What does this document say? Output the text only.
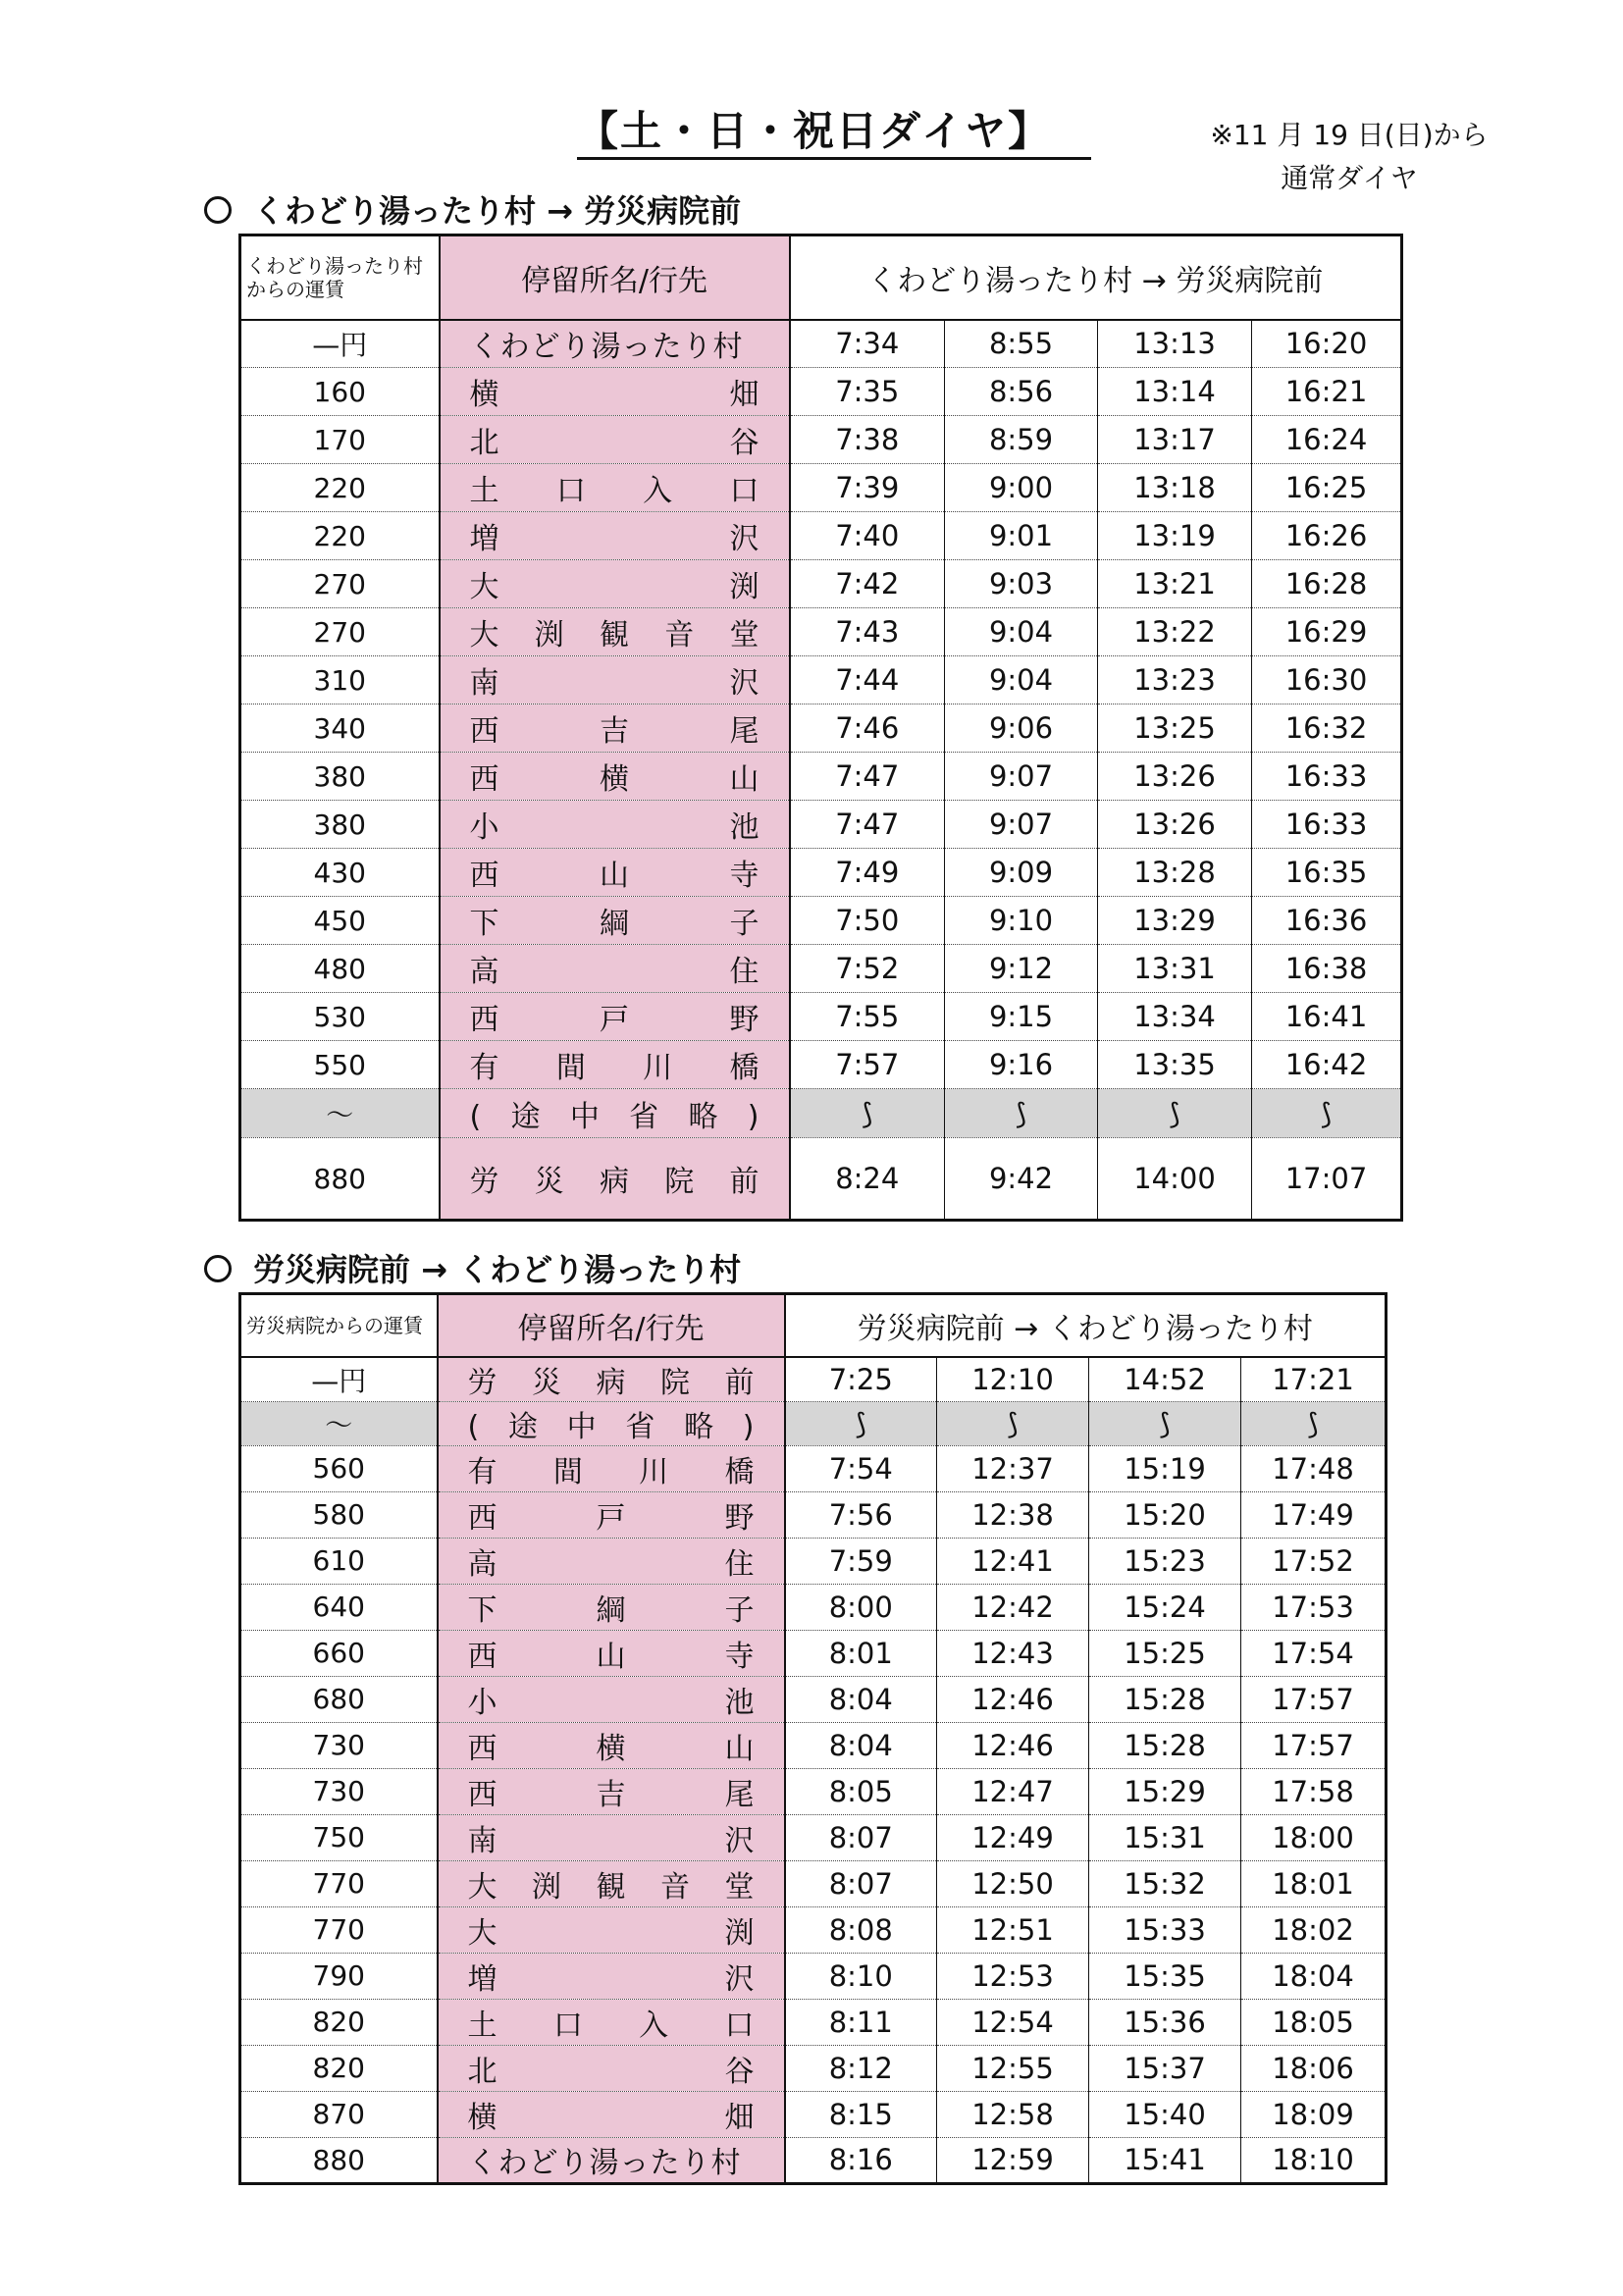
【土・日・祝日ダイヤ】	※11 月 19 日(日)から
通常ダイヤ
くわどり湯ったり村 → 労災病院前
くわどり湯ったり村からの運賃	停留所名/行先	くわどり湯ったり村 → 労災病院前			
—円	くわどり湯ったり村	7:34	8:55	13:13	16:20
160	横畑	7:35	8:56	13:14	16:21
170	北谷	7:38	8:59	13:17	16:24
220	土口入口	7:39	9:00	13:18	16:25
220	増沢	7:40	9:01	13:19	16:26
270	大渕	7:42	9:03	13:21	16:28
270	大渕観音堂	7:43	9:04	13:22	16:29
310	南沢	7:44	9:04	13:23	16:30
340	西吉尾	7:46	9:06	13:25	16:32
380	西横山	7:47	9:07	13:26	16:33
380	小池	7:47	9:07	13:26	16:33
430	西山寺	7:49	9:09	13:28	16:35
450	下綱子	7:50	9:10	13:29	16:36
480	高住	7:52	9:12	13:31	16:38
530	西戸野	7:55	9:15	13:34	16:41
550	有間川橋	7:57	9:16	13:35	16:42
～	(途中省略)	⟆	⟆	⟆	⟆
880	労災病院前	8:24	9:42	14:00	17:07
労災病院前 → くわどり湯ったり村
労災病院からの運賃	停留所名/行先	労災病院前 → くわどり湯ったり村			
—円	労災病院前	7:25	12:10	14:52	17:21
～	(途中省略)	⟆	⟆	⟆	⟆
560	有間川橋	7:54	12:37	15:19	17:48
580	西戸野	7:56	12:38	15:20	17:49
610	高住	7:59	12:41	15:23	17:52
640	下綱子	8:00	12:42	15:24	17:53
660	西山寺	8:01	12:43	15:25	17:54
680	小池	8:04	12:46	15:28	17:57
730	西横山	8:04	12:46	15:28	17:57
730	西吉尾	8:05	12:47	15:29	17:58
750	南沢	8:07	12:49	15:31	18:00
770	大渕観音堂	8:07	12:50	15:32	18:01
770	大渕	8:08	12:51	15:33	18:02
790	増沢	8:10	12:53	15:35	18:04
820	土口入口	8:11	12:54	15:36	18:05
820	北谷	8:12	12:55	15:37	18:06
870	横畑	8:15	12:58	15:40	18:09
880	くわどり湯ったり村	8:16	12:59	15:41	18:10
